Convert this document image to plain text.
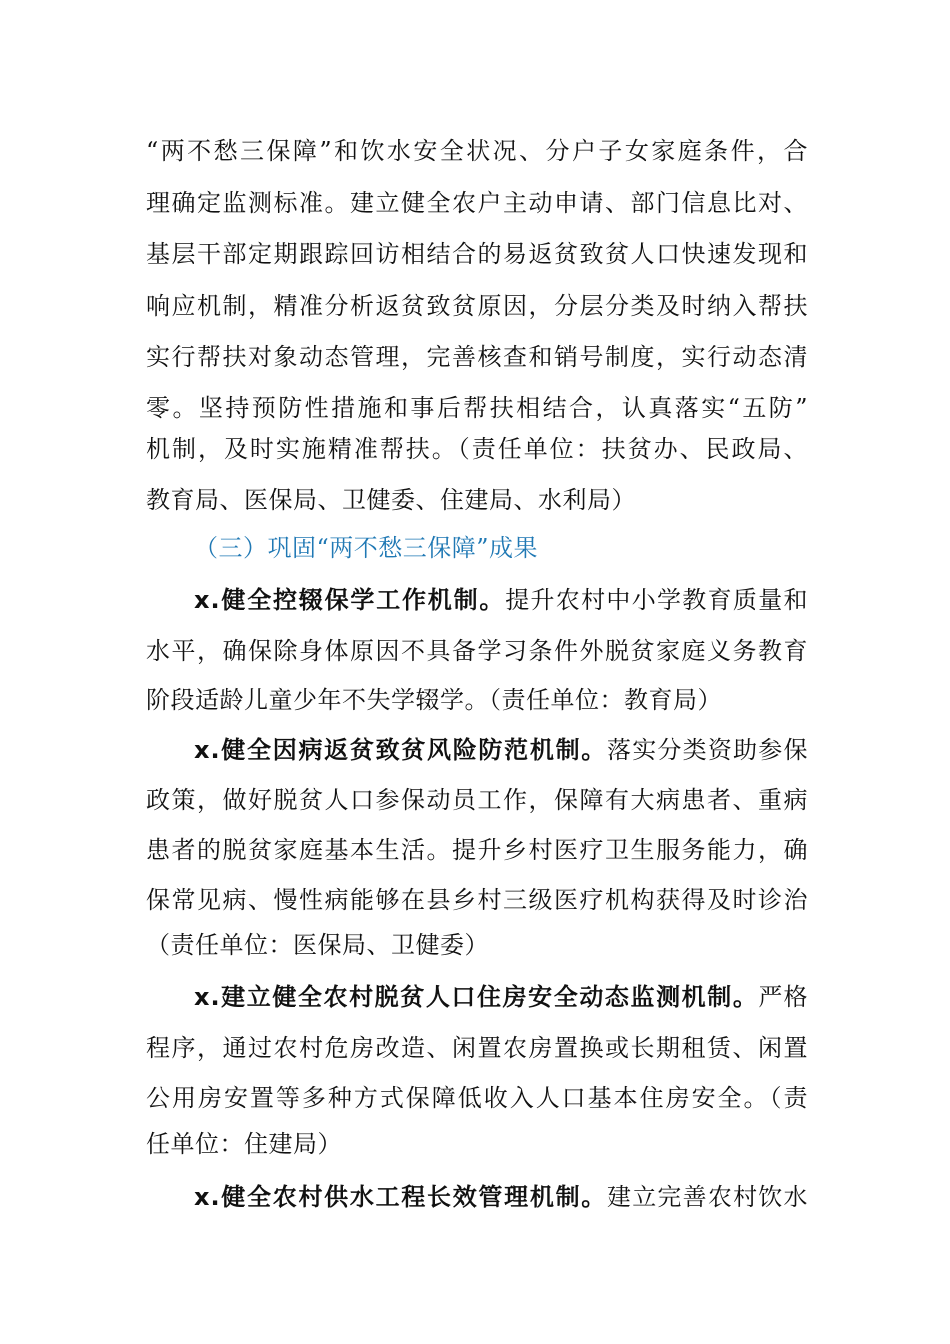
“两不愁三保障”和饮水安全状况、分户子女家庭条件，合
理确定监测标准。建立健全农户主动申请、部门信息比对、
基层干部定期跟踪回访相结合的易返贫致贫人口快速发现和
响应机制，精准分析返贫致贫原因，分层分类及时纳入帮扶
实行帮扶对象动态管理，完善核查和销号制度，实行动态清
零。坚持预防性措施和事后帮扶相结合，认真落实“五防”
机制，及时实施精准帮扶。（责任单位：扶贫办、民政局、
教育局、医保局、卫健委、住建局、水利局）
（三）巩固“两不愁三保障”成果
x.健全控辍保学工作机制。提升农村中小学教育质量和
水平，确保除身体原因不具备学习条件外脱贫家庭义务教育
阶段适龄儿童少年不失学辍学。（责任单位：教育局）
x.健全因病返贫致贫风险防范机制。落实分类资助参保
政策，做好脱贫人口参保动员工作，保障有大病患者、重病
患者的脱贫家庭基本生活。提升乡村医疗卫生服务能力，确
保常见病、慢性病能够在县乡村三级医疗机构获得及时诊治
（责任单位：医保局、卫健委）
x.建立健全农村脱贫人口住房安全动态监测机制。严格
程序，通过农村危房改造、闲置农房置换或长期租赁、闲置
公用房安置等多种方式保障低收入人口基本住房安全。（责
任单位：住建局）
x.健全农村供水工程长效管理机制。建立完善农村饮水
